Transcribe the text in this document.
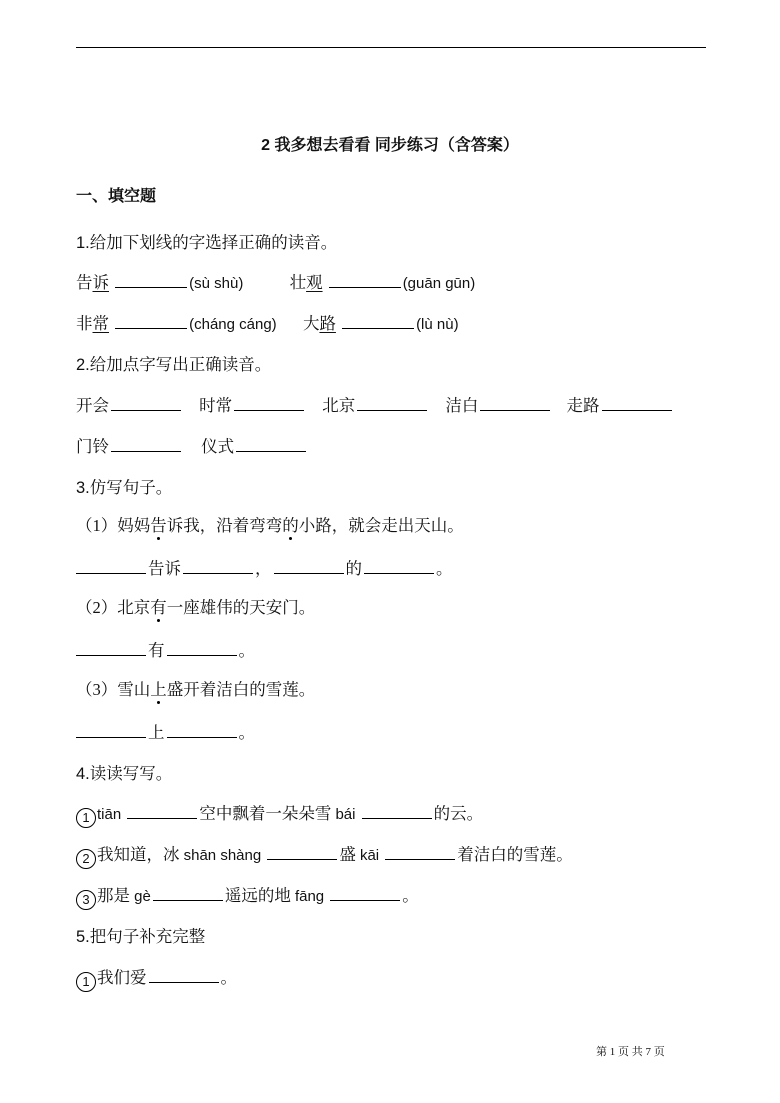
2 我多想去看看 同步练习（含答案）
一、填空题
1.给加下划线的字选择正确的读音。
告诉	(sù shù)	壮观	(guān gūn)
非常	(cháng cáng) 大路	(lù nù)
2.给加点字写出正确读音。
开会	时常	北京	洁白	走路
门铃	仪式
3.仿写句子。
（1）妈妈告诉我，沿着弯弯的小路，就会走出天山。
告诉	，	的	。
（2）北京有一座雄伟的天安门。
有	。
（3）雪山上盛开着洁白的雪莲。
上	。
4.读读写写。
1 tiān	空中飘着一朵朵雪 bái	的云。
2 我知道，冰 shān shàng	盛 kāi	着洁白的雪莲。
3 那是 gè	遥远的地 fāng	。
5.把句子补充完整
1 我们爱	。
第 1 页 共 7 页
